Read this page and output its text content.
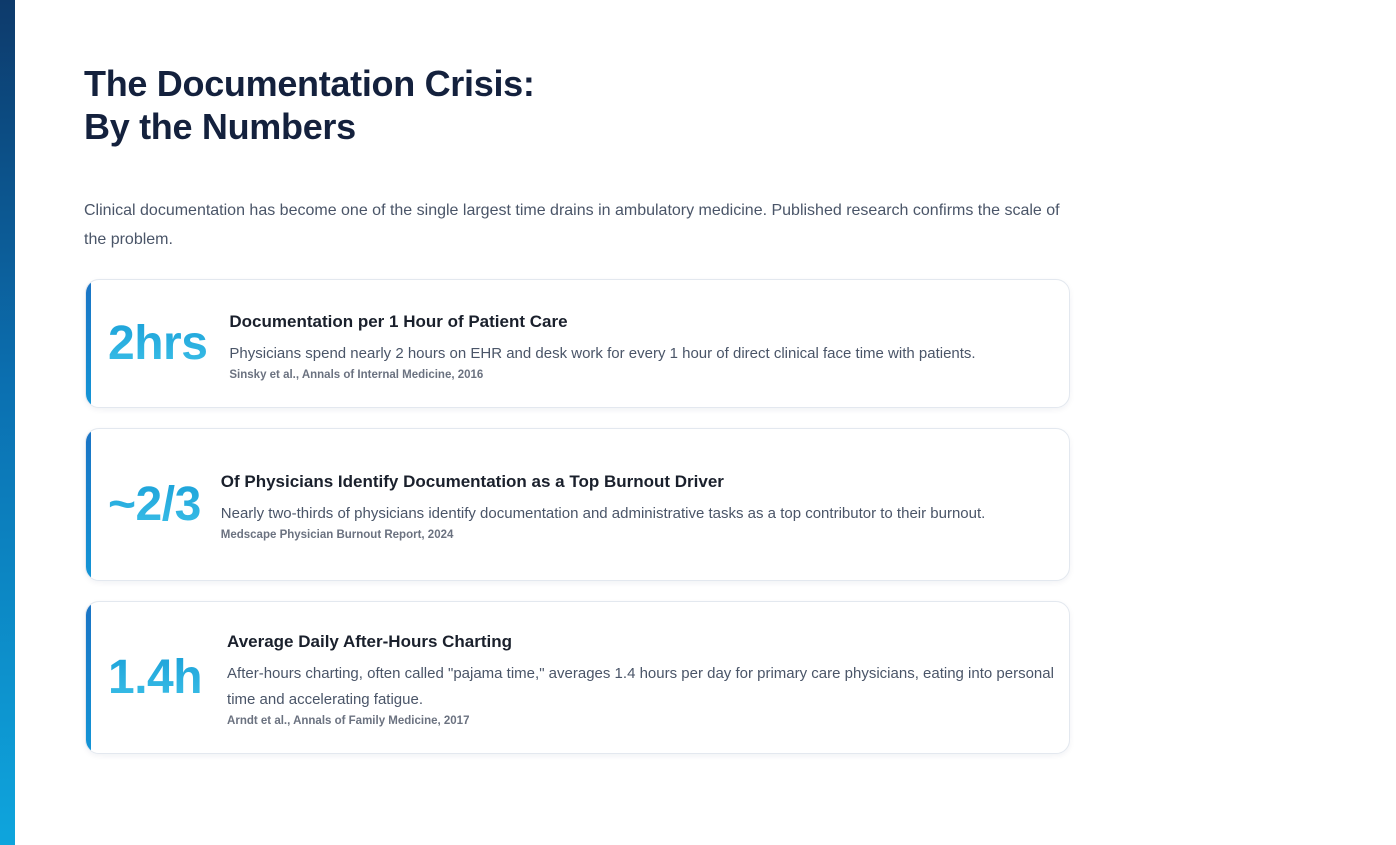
The Documentation Crisis:
By the Numbers

Clinical documentation has become one of the single largest time drains in ambulatory medicine. Published research confirms the scale of the problem.

2hrs Documentation per 1 Hour of Patient Care
Physicians spend nearly 2 hours on EHR and desk work for every 1 hour of direct clinical face time with patients.
Sinsky et al., Annals of Internal Medicine, 2016
~2/3 Of Physicians Identify Documentation as a Top Burnout Driver
Nearly two-thirds of physicians identify documentation and administrative tasks as a top contributor to their burnout.
Medscape Physician Burnout Report, 2024
1.4h
Average Daily After-Hours Charting
After-hours charting, often called "pajama time," averages 1.4 hours per day for primary care physicians, eating into personal time and accelerating fatigue.
Arndt et al., Annals of Family Medicine, 2017
